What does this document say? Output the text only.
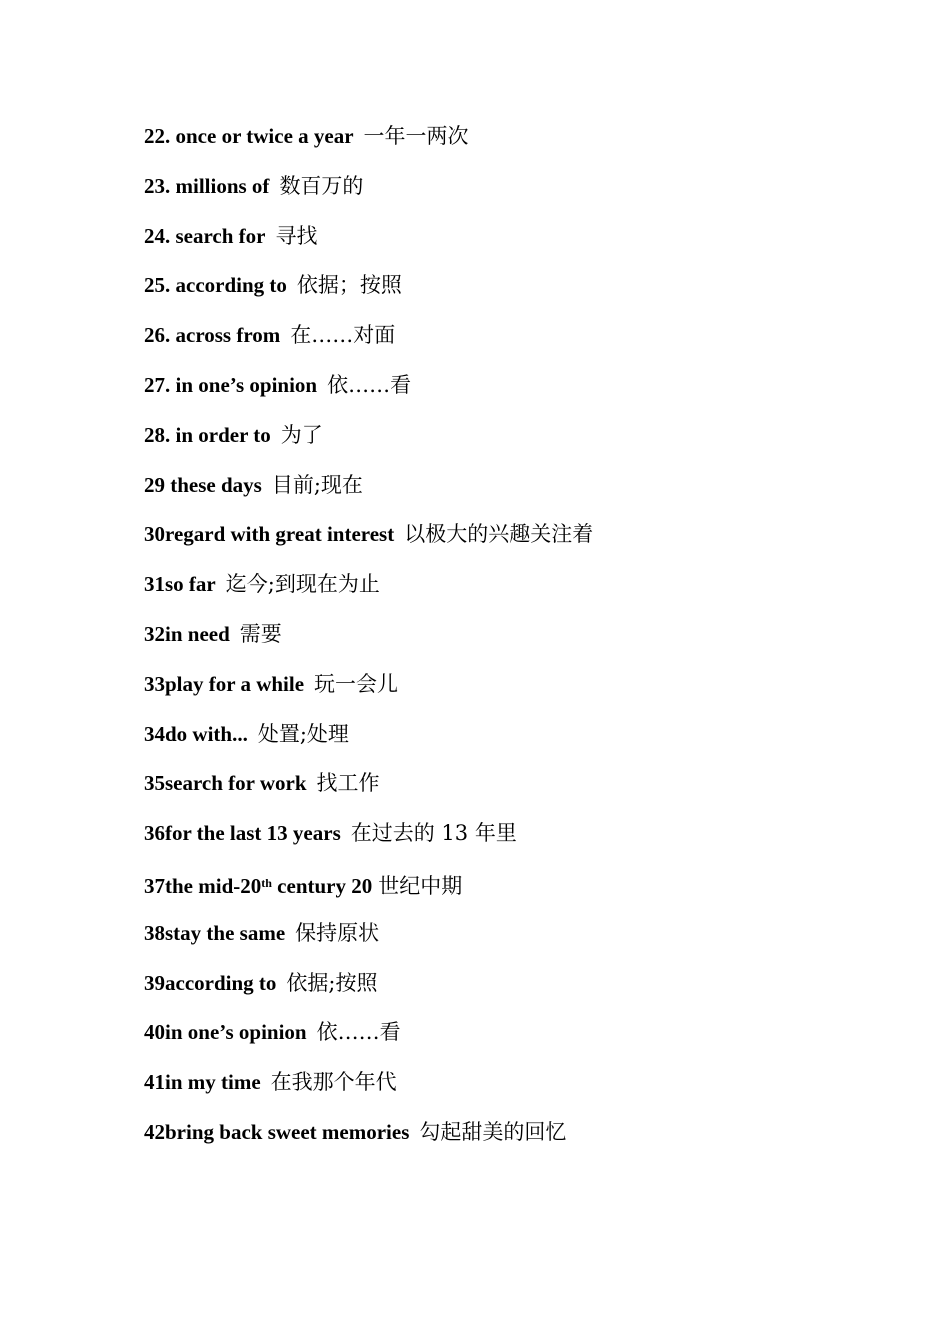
22. once or twice a year 一年一两次
23. millions of 数百万的
24. search for 寻找
25. according to 依据；按照
26. across from 在……对面
27. in one’s opinion 依……看
28. in order to 为了
29 these days 目前;现在
30regard with great interest 以极大的兴趣关注着
31so far 迄今;到现在为止
32in need 需要
33play for a while 玩一会儿
34do with... 处置;处理
35search for work 找工作
36for the last 13 years 在过去的 13 年里
37the mid-20th century 20 世纪中期
38stay the same 保持原状
39according to 依据;按照
40in one’s opinion 依……看
41in my time 在我那个年代
42bring back sweet memories 勾起甜美的回忆
